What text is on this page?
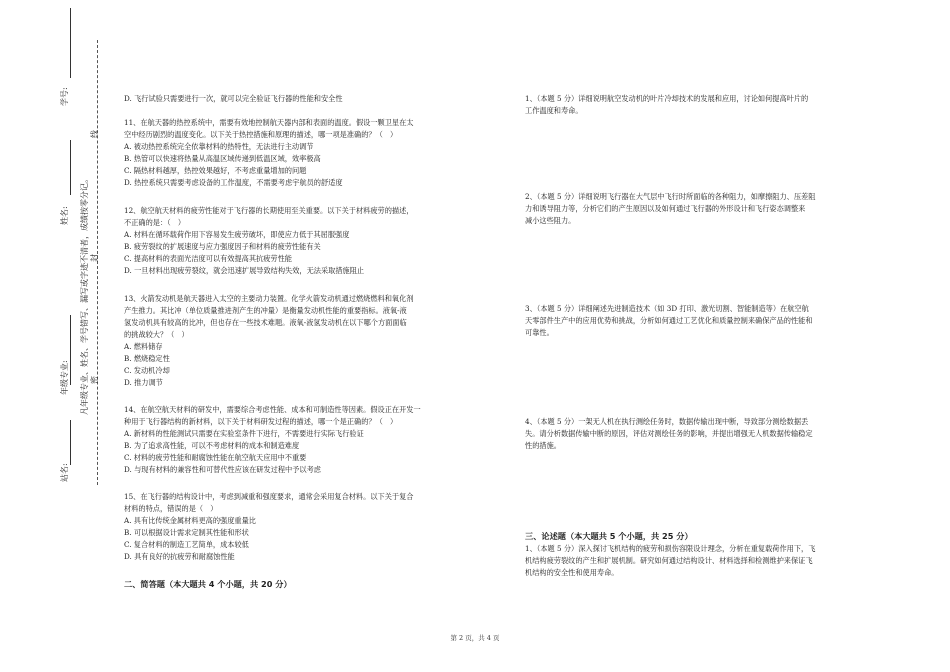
学号:
姓名: 凡年级专业、姓名、学号错写、漏写或字迹不清者，成绩按零分记。
线
封
密
年级专业:
站名:
D. 飞行试验只需要进行一次，就可以完全验证飞行器的性能和安全性

11、在航天器的热控系统中，需要有效地控制航天器内部和表面的温度。假设一颗卫星在太

空中经历剧烈的温度变化。以下关于热控措施和原理的描述，哪一项是准确的？（　）

A. 被动热控系统完全依靠材料的热特性，无法进行主动调节

B. 热管可以快速将热量从高温区域传递到低温区域，效率极高

C. 隔热材料越厚，热控效果越好，不考虑重量增加的问题

D. 热控系统只需要考虑设备的工作温度，不需要考虑宇航员的舒适度

12、航空航天材料的疲劳性能对于飞行器的长期使用至关重要。以下关于材料疲劳的描述，

不正确的是：（　）

A. 材料在循环载荷作用下容易发生疲劳破坏，即使应力低于其屈服强度

B. 疲劳裂纹的扩展速度与应力强度因子和材料的疲劳性能有关

C. 提高材料的表面光洁度可以有效提高其抗疲劳性能

D. 一旦材料出现疲劳裂纹，就会迅速扩展导致结构失效，无法采取措施阻止

13、火箭发动机是航天器进入太空的主要动力装置。化学火箭发动机通过燃烧燃料和氧化剂

产生推力。其比冲（单位质量推进剂产生的冲量）是衡量发动机性能的重要指标。液氧-液

氢发动机具有较高的比冲，但也存在一些技术难题。液氧-液氢发动机在以下哪个方面面临

的挑战较大？（　）

A. 燃料储存

B. 燃烧稳定性

C. 发动机冷却

D. 推力调节

14、在航空航天材料的研发中，需要综合考虑性能、成本和可制造性等因素。假设正在开发一

种用于飞行器结构的新材料，以下关于材料研发过程的描述，哪一个是正确的？（　）

A. 新材料的性能测试只需要在实验室条件下进行，不需要进行实际飞行验证

B. 为了追求高性能，可以不考虑材料的成本和制造难度

C. 材料的疲劳性能和耐腐蚀性能在航空航天应用中不重要

D. 与现有材料的兼容性和可替代性应该在研发过程中予以考虑

15、在飞行器的结构设计中，考虑到减重和强度要求，通常会采用复合材料。以下关于复合

材料的特点，错误的是（　）

A. 具有比传统金属材料更高的强度重量比

B. 可以根据设计需求定制其性能和形状

C. 复合材料的制造工艺简单，成本较低

D. 具有良好的抗疲劳和耐腐蚀性能

二、简答题（本大题共 4 个小题，共 20 分）

1、（本题 5 分）详细说明航空发动机的叶片冷却技术的发展和应用，讨论如何提高叶片的

工作温度和寿命。

2、（本题 5 分）详细说明飞行器在大气层中飞行时所面临的各种阻力，如摩擦阻力、压差阻

力和诱导阻力等，分析它们的产生原因以及如何通过飞行器的外形设计和飞行姿态调整来

减小这些阻力。

3、（本题 5 分）详细阐述先进制造技术（如 3D 打印、激光切割、智能制造等）在航空航

天零部件生产中的应用优势和挑战，分析如何通过工艺优化和质量控制来确保产品的性能和

可靠性。

4、（本题 5 分）一架无人机在执行测绘任务时，数据传输出现中断，导致部分测绘数据丢

失。请分析数据传输中断的原因，评估对测绘任务的影响，并提出增强无人机数据传输稳定

性的措施。

三、论述题（本大题共 5 个小题，共 25 分）

1、（本题 5 分）深入探讨飞机结构的疲劳和损伤容限设计理念，分析在重复载荷作用下，飞

机结构疲劳裂纹的产生和扩展机制。研究如何通过结构设计、材料选择和检测维护来保证飞

机结构的安全性和使用寿命。

第 2 页，共 4 页
